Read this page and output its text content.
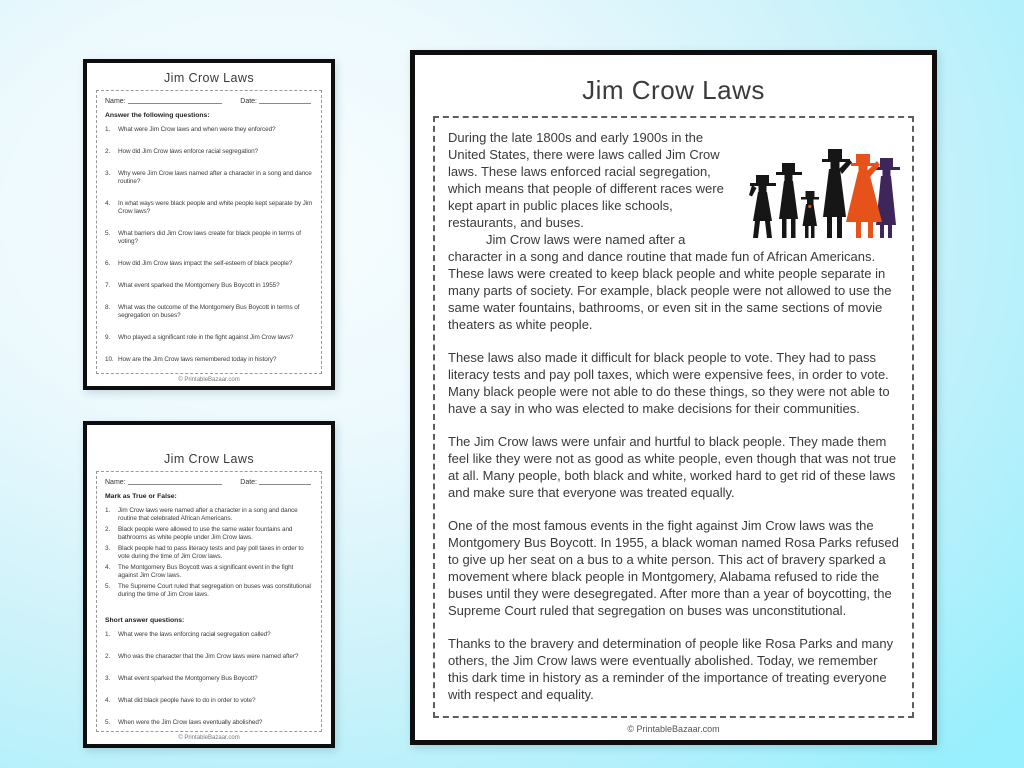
Jim Crow Laws
Name:	Date:
Answer the following questions:
1.	What were Jim Crow laws and when were they enforced?
2.	How did Jim Crow laws enforce racial segregation?
3.	Why were Jim Crow laws named after a character in a song and dance routine?
4.	In what ways were black people and white people kept separate by Jim Crow laws?
5.	What barriers did Jim Crow laws create for black people in terms of voting?
6.	How did Jim Crow laws impact the self-esteem of black people?
7.	What event sparked the Montgomery Bus Boycott in 1955?
8.	What was the outcome of the Montgomery Bus Boycott in terms of segregation on buses?
9.	Who played a significant role in the fight against Jim Crow laws?
10. How are the Jim Crow laws remembered today in history?
© PrintableBazaar.com
Jim Crow Laws
Name:	Date:
Mark as True or False:
1.	Jim Crow laws were named after a character in a song and dance routine that celebrated African Americans.
2.	Black people were allowed to use the same water fountains and bathrooms as white people under Jim Crow laws.
3.	Black people had to pass literacy tests and pay poll taxes in order to vote during the time of Jim Crow laws.
4.	The Montgomery Bus Boycott was a significant event in the fight against Jim Crow laws.
5.	The Supreme Court ruled that segregation on buses was constitutional during the time of Jim Crow laws.
Short answer questions:
1.	What were the laws enforcing racial segregation called?
2.	Who was the character that the Jim Crow laws were named after?
3.	What event sparked the Montgomery Bus Boycott?
4.	What did black people have to do in order to vote?
5.	When were the Jim Crow laws eventually abolished?
© PrintableBazaar.com
Jim Crow Laws

During the late 1800s and early 1900s in the United States, there were laws called Jim Crow laws. These laws enforced racial segregation, which means that people of different races were kept apart in public places like schools, restaurants, and buses.

Jim Crow laws were named after a character in a song and dance routine that made fun of African Americans. These laws were created to keep black people and white people separate in many parts of society. For example, black people were not allowed to use the same water fountains, bathrooms, or even sit in the same sections of movie theaters as white people.

These laws also made it difficult for black people to vote. They had to pass literacy tests and pay poll taxes, which were expensive fees, in order to vote. Many black people were not able to do these things, so they were not able to have a say in who was elected to make decisions for their communities.

The Jim Crow laws were unfair and hurtful to black people. They made them feel like they were not as good as white people, even though that was not true at all. Many people, both black and white, worked hard to get rid of these laws and make sure that everyone was treated equally.

One of the most famous events in the fight against Jim Crow laws was the Montgomery Bus Boycott. In 1955, a black woman named Rosa Parks refused to give up her seat on a bus to a white person. This act of bravery sparked a movement where black people in Montgomery, Alabama refused to ride the buses until they were desegregated. After more than a year of boycotting, the Supreme Court ruled that segregation on buses was unconstitutional.

Thanks to the bravery and determination of people like Rosa Parks and many others, the Jim Crow laws were eventually abolished. Today, we remember this dark time in history as a reminder of the importance of treating everyone with respect and equality.

© PrintableBazaar.com
